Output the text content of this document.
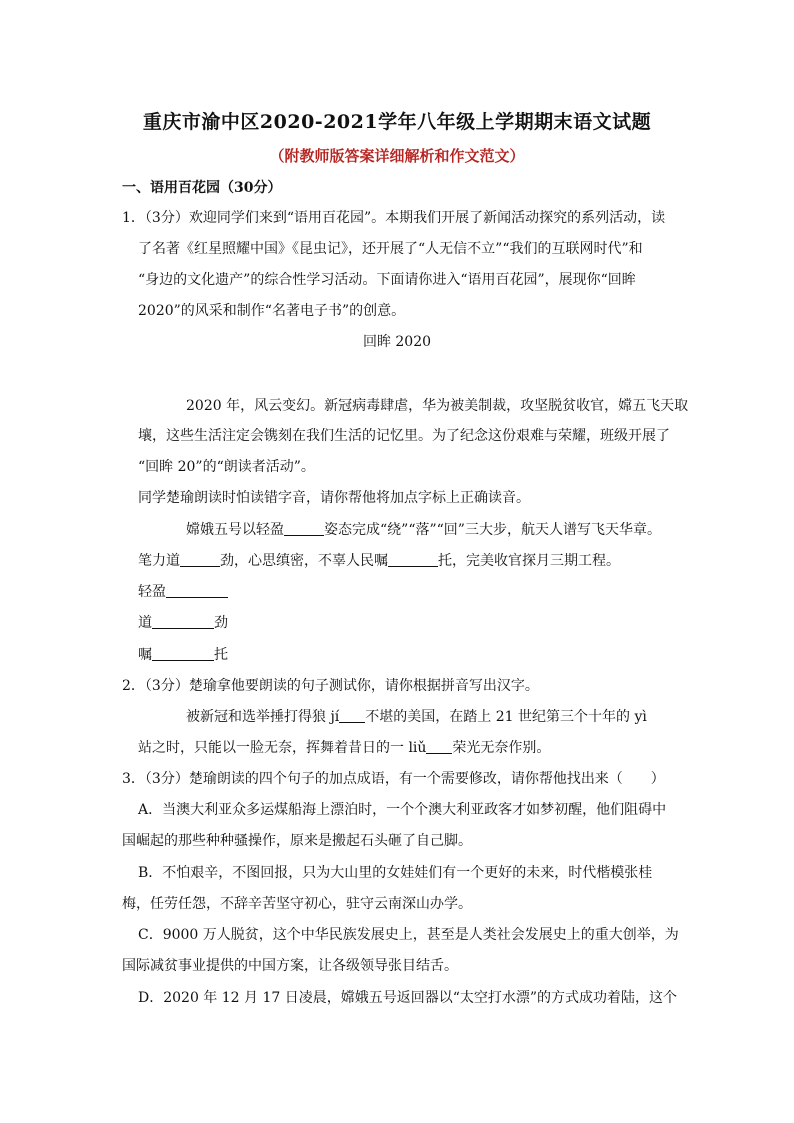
重庆市渝中区2020-2021学年八年级上学期期末语文试题
（附教师版答案详细解析和作文范文）
一、语用百花园（30分）
1．（3分）欢迎同学们来到“语用百花园”。本期我们开展了新闻活动探究的系列活动，读
了名著《红星照耀中国》《昆虫记》，还开展了“人无信不立”“我们的互联网时代”和
“身边的文化遗产”的综合性学习活动。下面请你进入“语用百花园”，展现你“回眸
2020”的风采和制作“名著电子书”的创意。
回眸 2020
2020 年，风云变幻。新冠病毒肆虐，华为被美制裁，攻坚脱贫收官，嫦五飞天取
壤，这些生活注定会镌刻在我们生活的记忆里。为了纪念这份艰难与荣耀，班级开展了
“回眸 20”的“朗读者活动”。
同学楚瑜朗读时怕读错字音，请你帮他将加点字标上正确读音。
嫦娥五号以轻盈	姿态完成“绕”“落”“回”三大步，航天人谱写飞天华章。
笔力道	劲，心思缜密，不辜人民嘱	托，完美收官探月三期工程。
轻盈
道	劲
嘱	托
2．（3分）楚瑜拿他要朗读的句子测试你，请你根据拼音写出汉字。
被新冠和选举捶打得狼 jí 不堪的美国，在踏上 21 世纪第三个十年的 yì
站之时，只能以一脸无奈，挥舞着昔日的一 liǔ 荣光无奈作别。
3．（3分）楚瑜朗读的四个句子的加点成语，有一个需要修改，请你帮他找出来（　　）
A．当澳大利亚众多运煤船海上漂泊时，一个个澳大利亚政客才如梦初醒，他们阻碍中
国崛起的那些种种骚操作，原来是搬起石头砸了自己脚。
B．不怕艰辛，不图回报，只为大山里的女娃娃们有一个更好的未来，时代楷模张桂
梅，任劳任怨，不辞辛苦坚守初心，驻守云南深山办学。
C．9000 万人脱贫，这个中华民族发展史上，甚至是人类社会发展史上的重大创举，为
国际减贫事业提供的中国方案，让各级领导张目结舌。
D．2020 年 12 月 17 日凌晨，嫦娥五号返回器以“太空打水漂”的方式成功着陆，这个
